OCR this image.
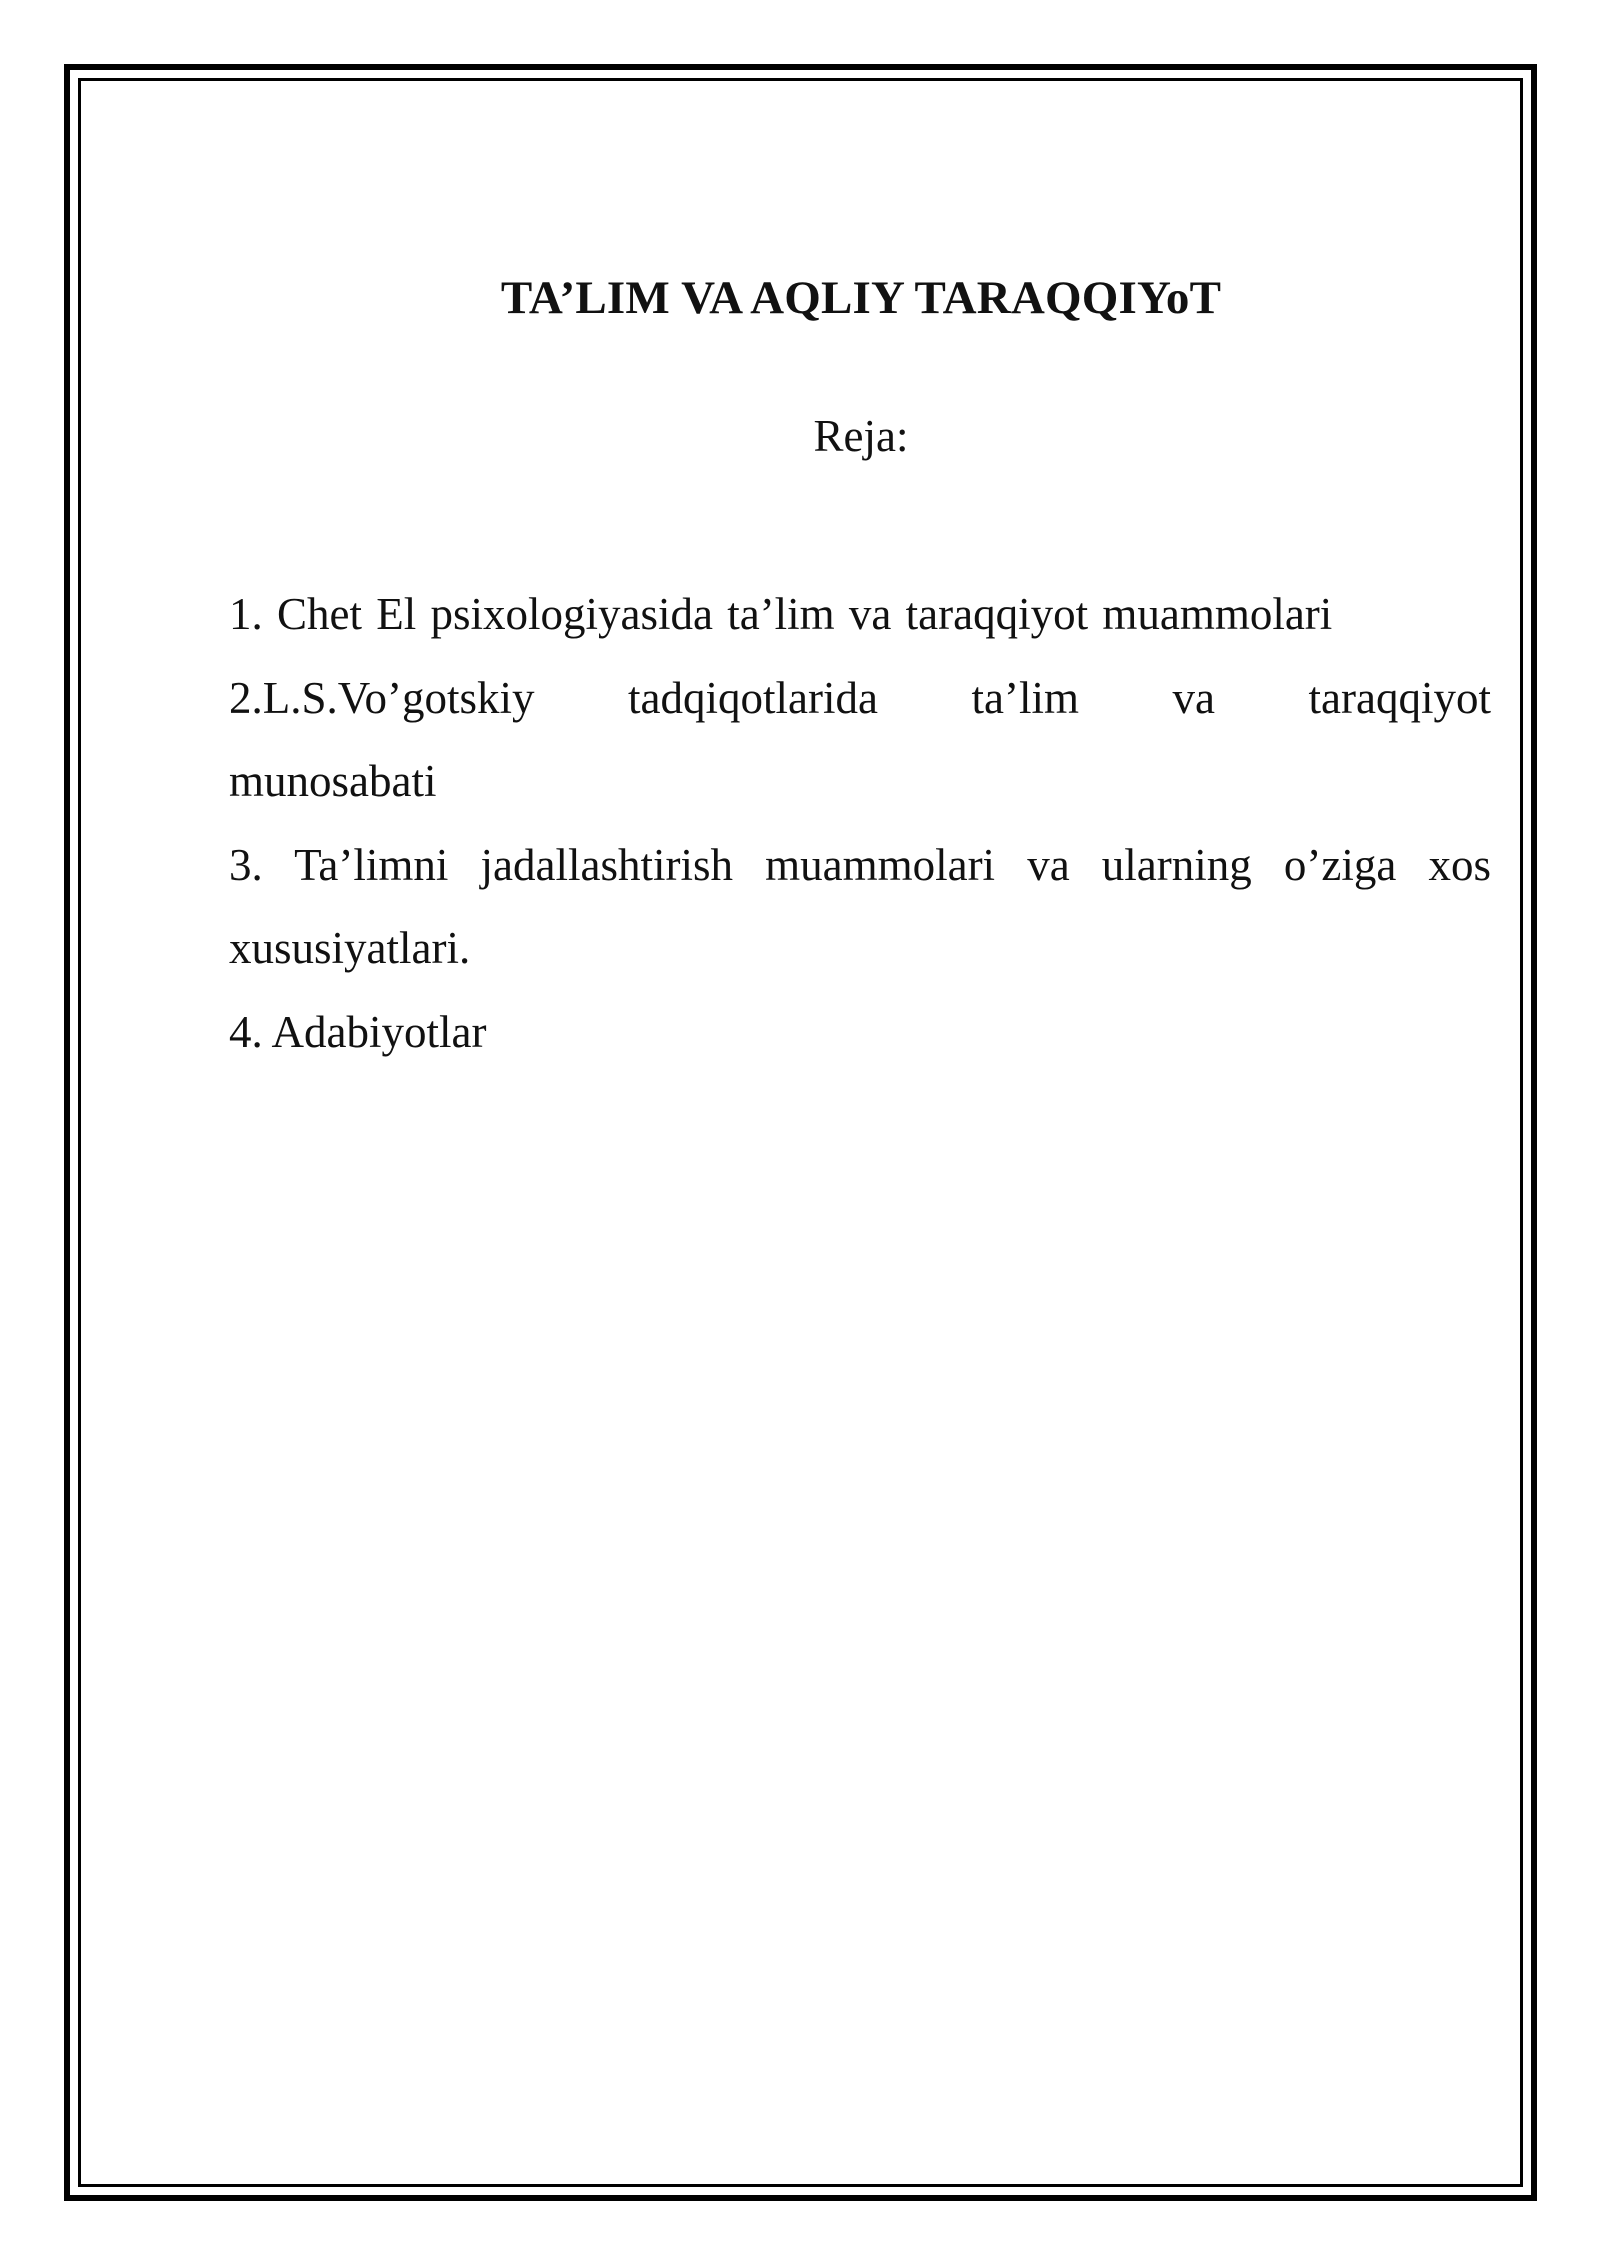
TA’LIM VA AQLIY TARAQQIYoT
Reja:
1. Chet El psixologiyasida ta’lim va taraqqiyot muammolari
2.L.S.Vo’gotskiy tadqiqotlarida ta’lim va taraqqiyot munosabati
3. Ta’limni jadallashtirish muammolari va ularning o’ziga xos xususiyatlari.
4. Adabiyotlar
